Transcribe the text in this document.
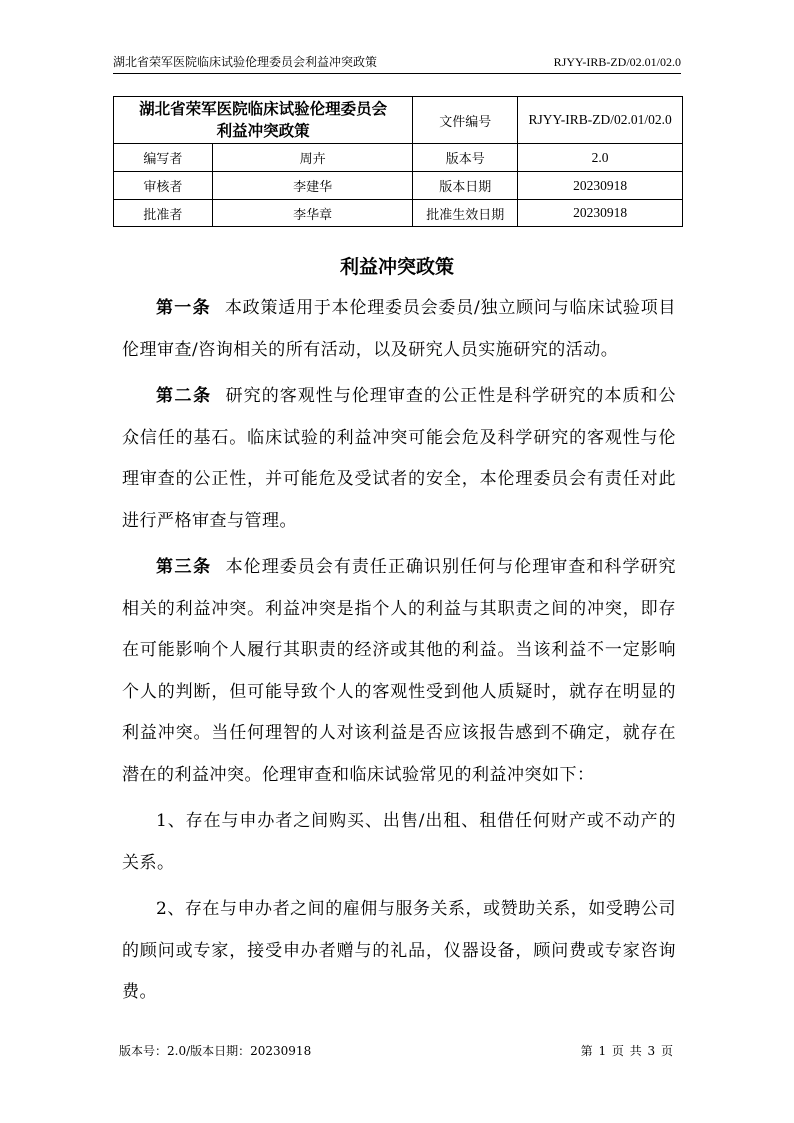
湖北省荣军医院临床试验伦理委员会利益冲突政策	RJYY-IRB-ZD/02.01/02.0
湖北省荣军医院临床试验伦理委员会
利益冲突政策		文件编号	RJYY-IRB-ZD/02.01/02.0
编写者	周卉	版本号	2.0
审核者	李建华	版本日期	20230918
批准者	李华章	批准生效日期	20230918
利益冲突政策

第一条 本政策适用于本伦理委员会委员/独立顾问与临床试验项目伦理审查/咨询相关的所有活动，以及研究人员实施研究的活动。

第二条 研究的客观性与伦理审查的公正性是科学研究的本质和公众信任的基石。临床试验的利益冲突可能会危及科学研究的客观性与伦理审查的公正性，并可能危及受试者的安全，本伦理委员会有责任对此进行严格审查与管理。

第三条 本伦理委员会有责任正确识别任何与伦理审查和科学研究相关的利益冲突。利益冲突是指个人的利益与其职责之间的冲突，即存在可能影响个人履行其职责的经济或其他的利益。当该利益不一定影响个人的判断，但可能导致个人的客观性受到他人质疑时，就存在明显的利益冲突。当任何理智的人对该利益是否应该报告感到不确定，就存在潜在的利益冲突。伦理审查和临床试验常见的利益冲突如下：

1、存在与申办者之间购买、出售/出租、租借任何财产或不动产的关系。

2、存在与申办者之间的雇佣与服务关系，或赞助关系，如受聘公司的顾问或专家，接受申办者赠与的礼品，仪器设备，顾问费或专家咨询费。

版本号：2.0/版本日期：20230918	第 1 页 共 3 页
